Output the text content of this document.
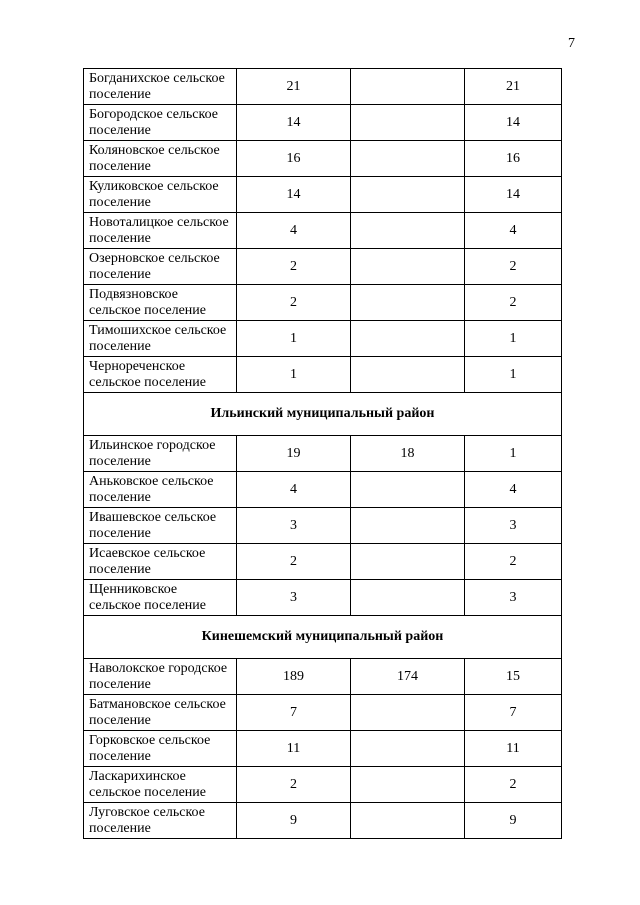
7
Богданихское сельское поселение	21		21
Богородское сельское поселение	14		14
Коляновское сельское поселение	16		16
Куликовское сельское поселение	14		14
Новоталицкое сельское поселение	4		4
Озерновское сельское поселение	2		2
Подвязновское сельское поселение	2		2
Тимошихское сельское поселение	1		1
Чернореченское сельское поселение	1		1
Ильинский муниципальный район			
Ильинское городское поселение	19	18	1
Аньковское сельское поселение	4		4
Ивашевское сельское поселение	3		3
Исаевское сельское поселение	2		2
Щенниковское сельское поселение	3		3
Кинешемский муниципальный район			
Наволокское городское поселение	189	174	15
Батмановское сельское поселение	7		7
Горковское сельское поселение	11		11
Ласкарихинское сельское поселение	2		2
Луговское сельское поселение	9		9
